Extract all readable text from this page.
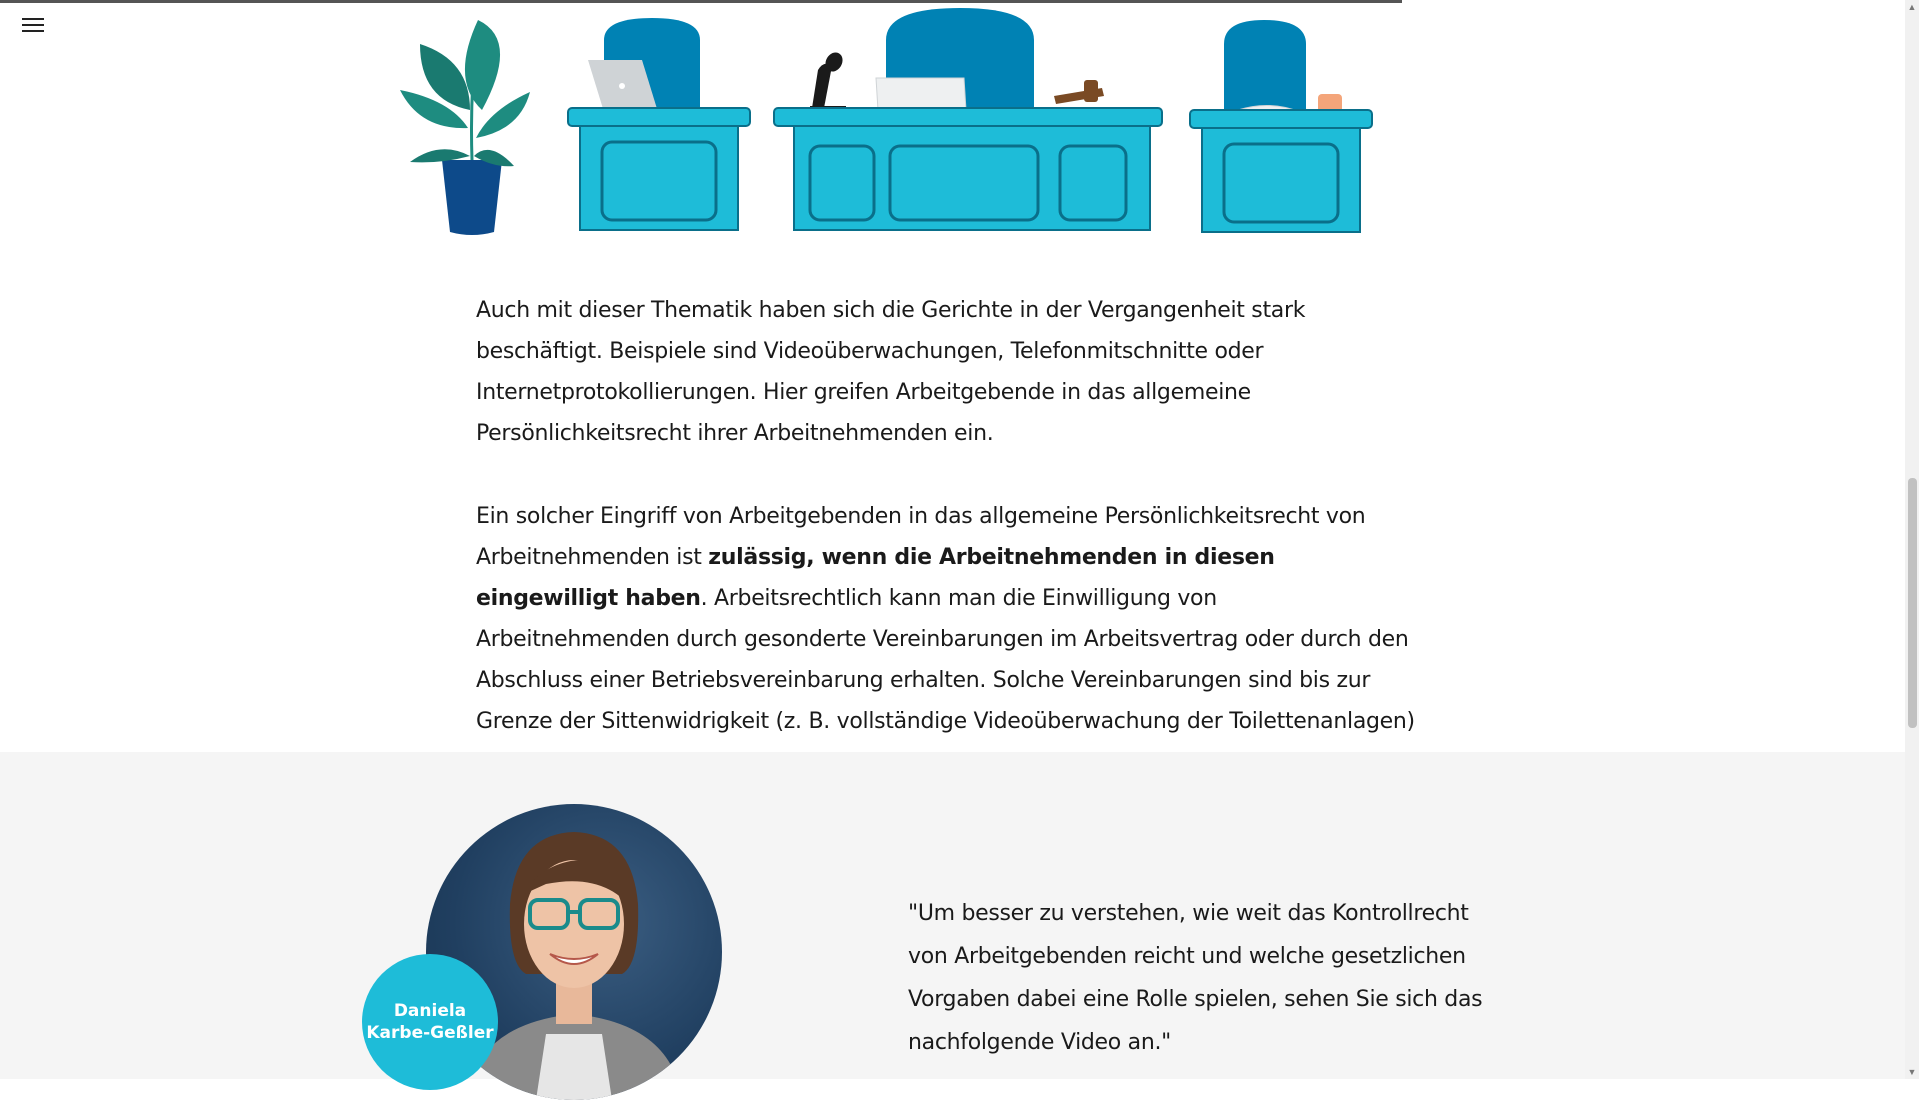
Auch mit dieser Thematik haben sich die Gerichte in der Vergangenheit stark beschäftigt. Beispiele sind Videoüberwachungen, Telefonmitschnitte oder Internetprotokollierungen. Hier greifen Arbeitgebende in das allgemeine Persönlichkeitsrecht ihrer Arbeitnehmenden ein.

Ein solcher Eingriff von Arbeitgebenden in das allgemeine Persönlichkeitsrecht von Arbeitnehmenden ist zulässig, wenn die Arbeitnehmenden in diesen eingewilligt haben. Arbeitsrechtlich kann man die Einwilligung von Arbeitnehmenden durch gesonderte Vereinbarungen im Arbeitsvertrag oder durch den Abschluss einer Betriebsvereinbarung erhalten. Solche Vereinbarungen sind bis zur Grenze der Sittenwidrigkeit (z. B. vollständige Videoüberwachung der Toilettenanlagen)

Daniela
Karbe-Geßler
"Um besser zu verstehen, wie weit das Kontrollrecht von Arbeitgebenden reicht und welche gesetzlichen Vorgaben dabei eine Rolle spielen, sehen Sie sich das nachfolgende Video an."
▲
▼
